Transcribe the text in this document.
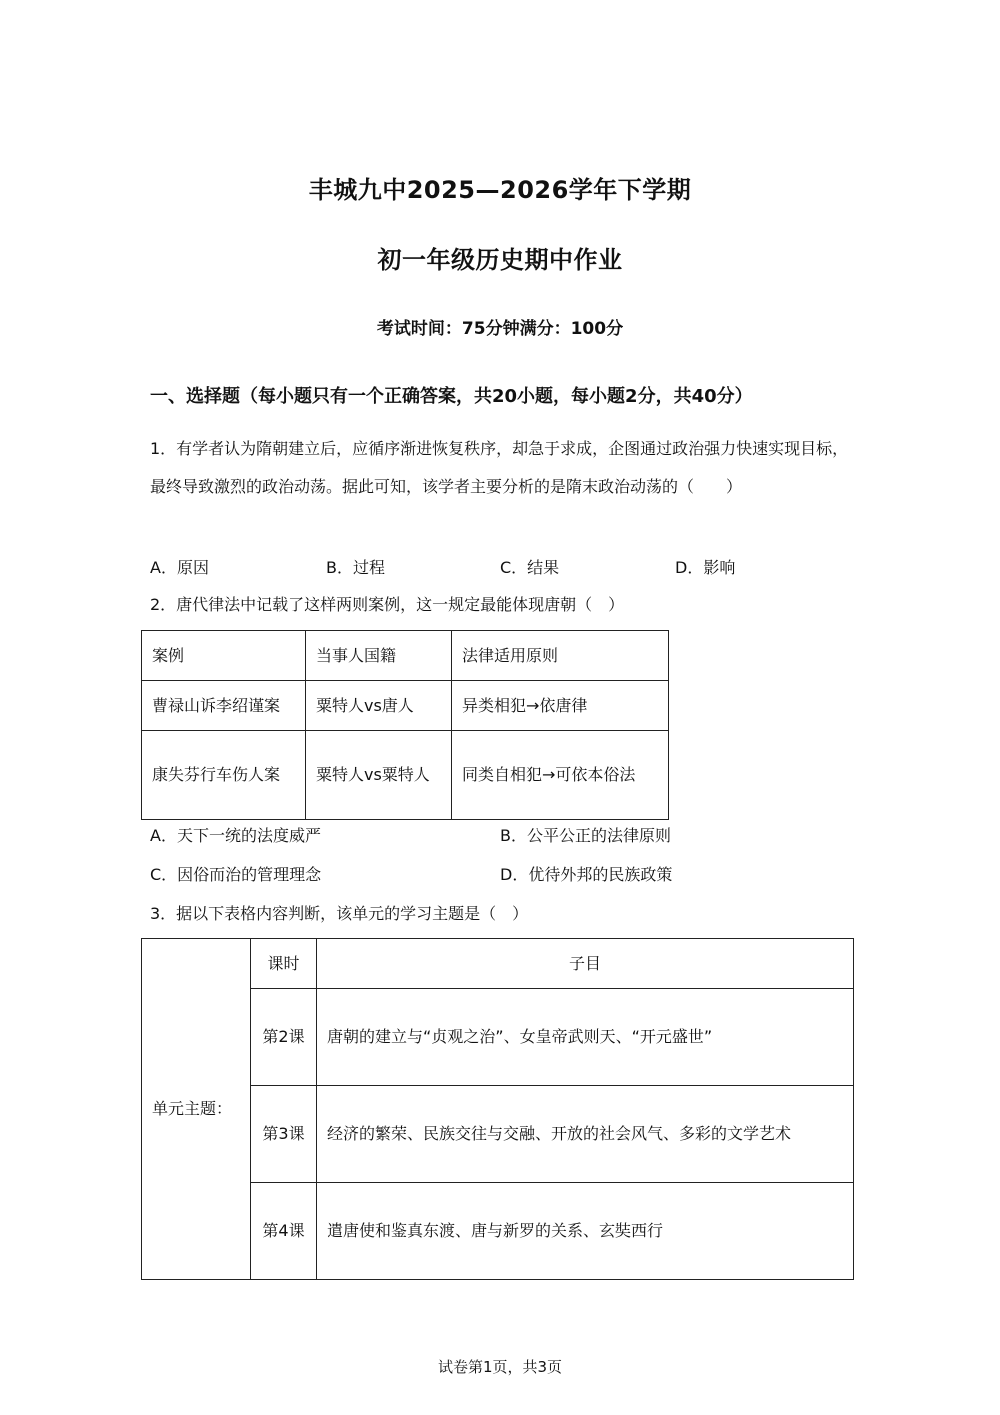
丰城九中2025—2026学年下学期
初一年级历史期中作业
考试时间：75分钟满分：100分
一、选择题（每小题只有一个正确答案，共20小题，每小题2分，共40分）
1．有学者认为隋朝建立后，应循序渐进恢复秩序，却急于求成，企图通过政治强力快速实现目标，最终导致激烈的政治动荡。据此可知，该学者主要分析的是隋末政治动荡的（　　）
A．原因	B．过程	C．结果	D．影响
2．唐代律法中记载了这样两则案例，这一规定最能体现唐朝（　）
案例	当事人国籍	法律适用原则
曹禄山诉李绍谨案	粟特人vs唐人	异类相犯→依唐律
康失芬行车伤人案	粟特人vs粟特人	同类自相犯→可依本俗法
A．天下一统的法度威严	B．公平公正的法律原则
C．因俗而治的管理理念	D．优待外邦的民族政策
3．据以下表格内容判断，该单元的学习主题是（　）
单元主题：	课时	子目
	第2课	唐朝的建立与“贞观之治”、女皇帝武则天、“开元盛世”
	第3课	经济的繁荣、民族交往与交融、开放的社会风气、多彩的文学艺术
	第4课	遣唐使和鉴真东渡、唐与新罗的关系、玄奘西行
试卷第1页，共3页
